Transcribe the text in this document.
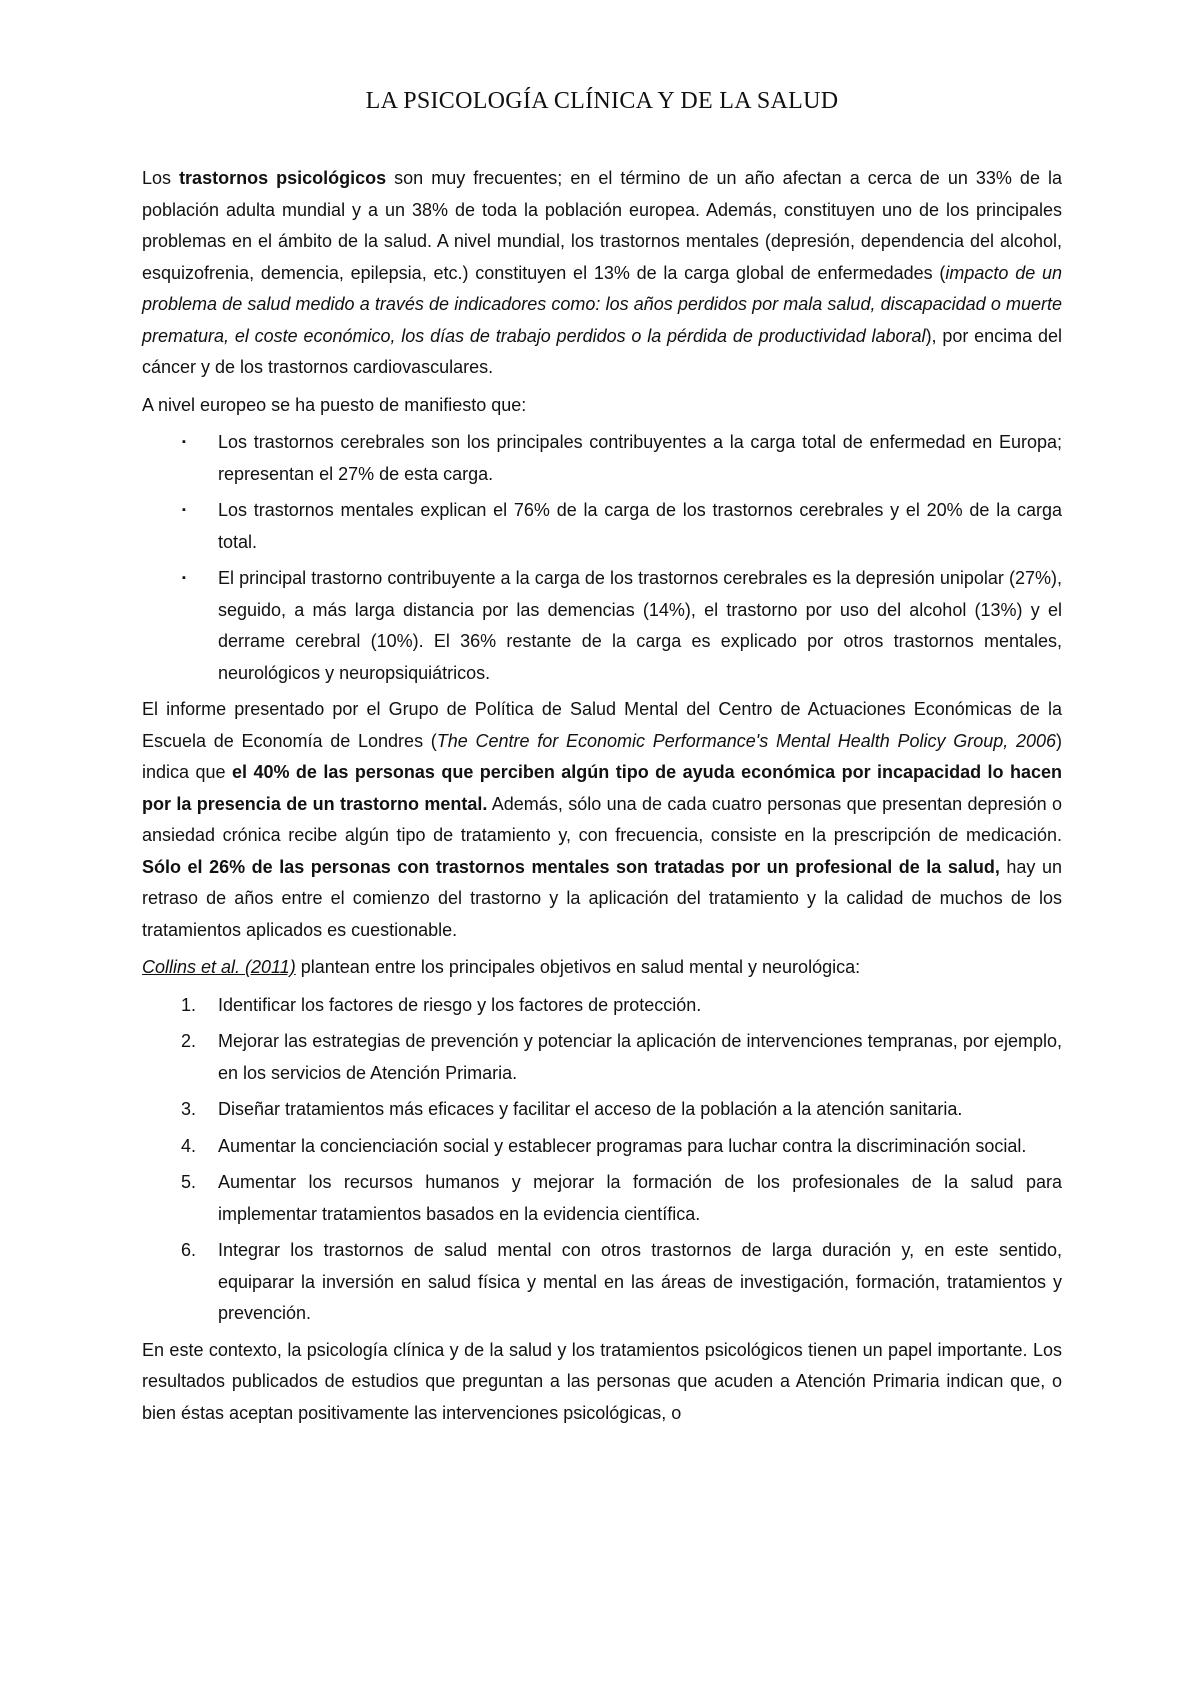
LA PSICOLOGÍA CLÍNICA Y DE LA SALUD

Los trastornos psicológicos son muy frecuentes; en el término de un año afectan a cerca de un 33% de la población adulta mundial y a un 38% de toda la población europea. Además, constituyen uno de los principales problemas en el ámbito de la salud. A nivel mundial, los trastornos mentales (depresión, dependencia del alcohol, esquizofrenia, demencia, epilepsia, etc.) constituyen el 13% de la carga global de enfermedades (impacto de un problema de salud medido a través de indicadores como: los años perdidos por mala salud, discapacidad o muerte prematura, el coste económico, los días de trabajo perdidos o la pérdida de productividad laboral), por encima del cáncer y de los trastornos cardiovasculares.

A nivel europeo se ha puesto de manifiesto que:

▪ Los trastornos cerebrales son los principales contribuyentes a la carga total de enfermedad en Europa; representan el 27% de esta carga.
▪ Los trastornos mentales explican el 76% de la carga de los trastornos cerebrales y el 20% de la carga total.
▪ El principal trastorno contribuyente a la carga de los trastornos cerebrales es la depresión unipolar (27%), seguido, a más larga distancia por las demencias (14%), el trastorno por uso del alcohol (13%) y el derrame cerebral (10%). El 36% restante de la carga es explicado por otros trastornos mentales, neurológicos y neuropsiquiátricos.

El informe presentado por el Grupo de Política de Salud Mental del Centro de Actuaciones Económicas de la Escuela de Economía de Londres (The Centre for Economic Performance's Mental Health Policy Group, 2006) indica que el 40% de las personas que perciben algún tipo de ayuda económica por incapacidad lo hacen por la presencia de un trastorno mental. Además, sólo una de cada cuatro personas que presentan depresión o ansiedad crónica recibe algún tipo de tratamiento y, con frecuencia, consiste en la prescripción de medicación. Sólo el 26% de las personas con trastornos mentales son tratadas por un profesional de la salud, hay un retraso de años entre el comienzo del trastorno y la aplicación del tratamiento y la calidad de muchos de los tratamientos aplicados es cuestionable.

Collins et al. (2011) plantean entre los principales objetivos en salud mental y neurológica:

1. Identificar los factores de riesgo y los factores de protección.
2. Mejorar las estrategias de prevención y potenciar la aplicación de intervenciones tempranas, por ejemplo, en los servicios de Atención Primaria.
3. Diseñar tratamientos más eficaces y facilitar el acceso de la población a la atención sanitaria.
4. Aumentar la concienciación social y establecer programas para luchar contra la discriminación social.
5. Aumentar los recursos humanos y mejorar la formación de los profesionales de la salud para implementar tratamientos basados en la evidencia científica.
6. Integrar los trastornos de salud mental con otros trastornos de larga duración y, en este sentido, equiparar la inversión en salud física y mental en las áreas de investigación, formación, tratamientos y prevención.

En este contexto, la psicología clínica y de la salud y los tratamientos psicológicos tienen un papel importante. Los resultados publicados de estudios que preguntan a las personas que acuden a Atención Primaria indican que, o bien éstas aceptan positivamente las intervenciones psicológicas, o
